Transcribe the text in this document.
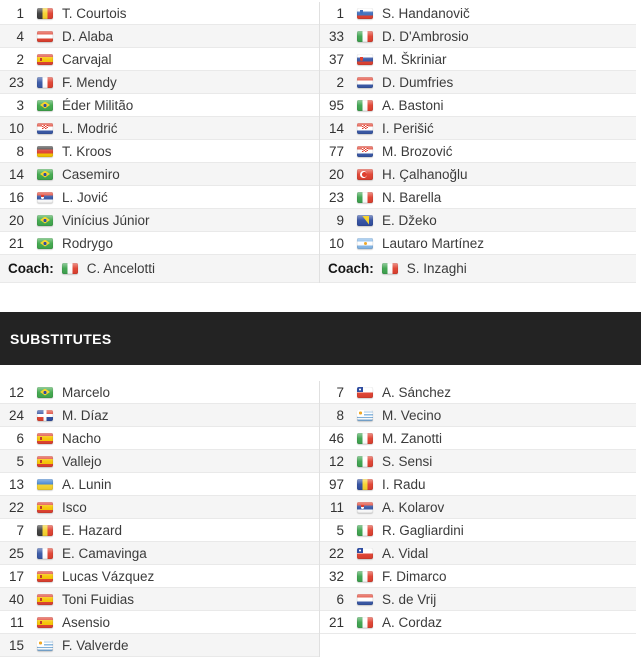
1	T. Courtois
4	D. Alaba
2	Carvajal
23	F. Mendy
3	Éder Militão
10	L. Modrić
8	T. Kroos
14	Casemiro
16	L. Jović
20	Vinícius Júnior
21	Rodrygo
Coach: C. Ancelotti
1	S. Handanovič
33	D. D'Ambrosio
37	M. Škriniar
2	D. Dumfries
95	A. Bastoni
14	I. Perišić
77	M. Brozović
20	H. Çalhanoğlu
23	N. Barella
9	E. Džeko
10	Lautaro Martínez
Coach: S. Inzaghi
SUBSTITUTES
12	Marcelo
24	M. Díaz
6	Nacho
5	Vallejo
13	A. Lunin
22	Isco
7	E. Hazard
25	E. Camavinga
17	Lucas Vázquez
40	Toni Fuidias
11	Asensio
15	F. Valverde
7	A. Sánchez
8	M. Vecino
46	M. Zanotti
12	S. Sensi
97	I. Radu
11	A. Kolarov
5	R. Gagliardini
22	A. Vidal
32	F. Dimarco
6	S. de Vrij
21	A. Cordaz
